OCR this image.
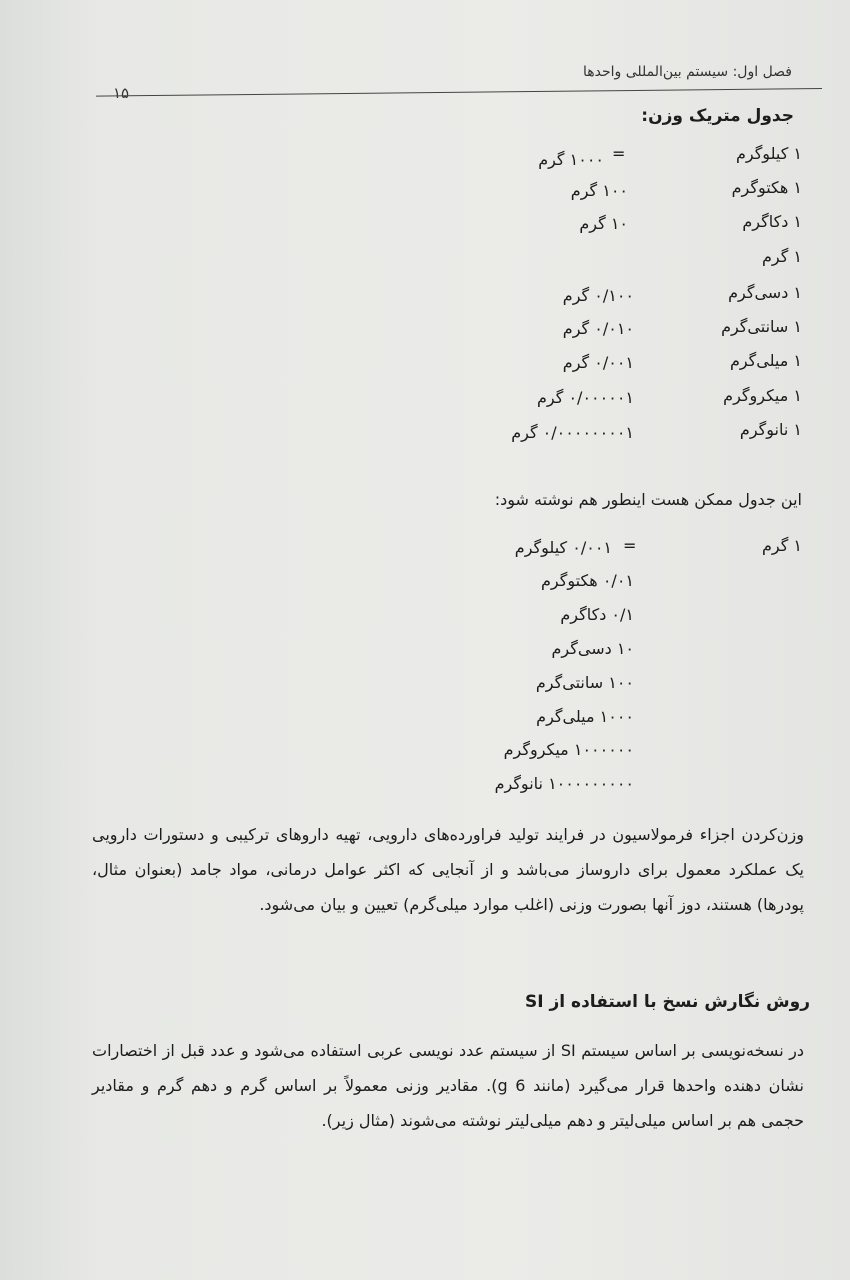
فصل اول: سیستم بین‌المللی واحدها
۱۵
جدول متریک وزن:
۱ کیلوگرم
=
۱۰۰۰ گرم
۱ هکتوگرم
۱۰۰ گرم
۱ دکاگرم
۱۰ گرم
۱ گرم
۱ دسی‌گرم
۰/۱۰۰ گرم
۱ سانتی‌گرم
۰/۰۱۰ گرم
۱ میلی‌گرم
۰/۰۰۱ گرم
۱ میکروگرم
۰/۰۰۰۰۰۱ گرم
۱ نانوگرم
۰/۰۰۰۰۰۰۰۰۱ گرم
این جدول ممکن هست اینطور هم نوشته شود:
۱ گرم
=
۰/۰۰۱ کیلوگرم
۰/۰۱ هکتوگرم
۰/۱ دکاگرم
۱۰ دسی‌گرم
۱۰۰ سانتی‌گرم
۱۰۰۰ میلی‌گرم
۱۰۰۰۰۰۰ میکروگرم
۱۰۰۰۰۰۰۰۰۰ نانوگرم
وزن‌کردن اجزاء فرمولاسیون در فرایند تولید فراورده‌های دارویی، تهیه داروهای ترکیبی و دستورات دارویی یک عملکرد معمول برای داروساز می‌باشد و از آنجایی که اکثر عوامل درمانی، مواد جامد (بعنوان مثال، پودرها) هستند، دوز آنها بصورت وزنی (اغلب موارد میلی‌گرم) تعیین و بیان می‌شود.
روش نگارش نسخ با استفاده از SI
در نسخه‌نویسی بر اساس سیستم SI از سیستم عدد نویسی عربی استفاده می‌شود و عدد قبل از اختصارات نشان دهنده واحدها قرار می‌گیرد (مانند 6 g). مقادیر وزنی معمولاً بر اساس گرم و دهم گرم و مقادیر حجمی هم بر اساس میلی‌لیتر و دهم میلی‌لیتر نوشته می‌شوند (مثال زیر).
